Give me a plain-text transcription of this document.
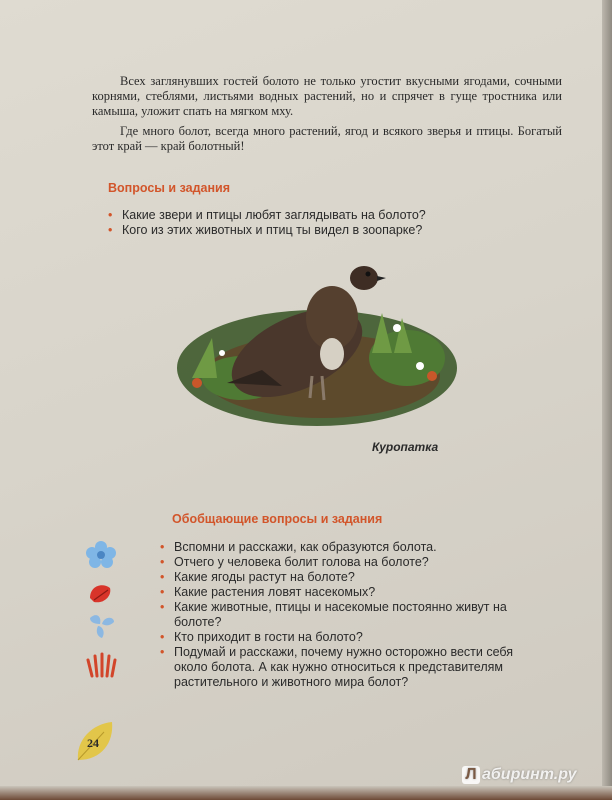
Всех заглянувших гостей болото не только угостит вкусными ягодами, сочными корнями, стеблями, листьями водных растений, но и спрячет в гуще тростника или камыша, уложит спать на мягком мху.

Где много болот, всегда много растений, ягод и всякого зверья и птицы. Богатый этот край — край болотный!

Вопросы и задания
• Какие звери и птицы любят заглядывать на болото?
• Кого из этих животных и птиц ты видел в зоопарке?
Куропатка
Обобщающие вопросы и задания
• Вспомни и расскажи, как образуются болота.
• Отчего у человека болит голова на болоте?
• Какие ягоды растут на болоте?
• Какие растения ловят насекомых?
• Какие животные, птицы и насекомые постоянно живут на болоте?
• Кто приходит в гости на болото?
• Подумай и расскажи, почему нужно осторожно вести себя около болота. А как нужно относиться к представителям растительного и животного мира болот?
24
Л абиринт.ру
